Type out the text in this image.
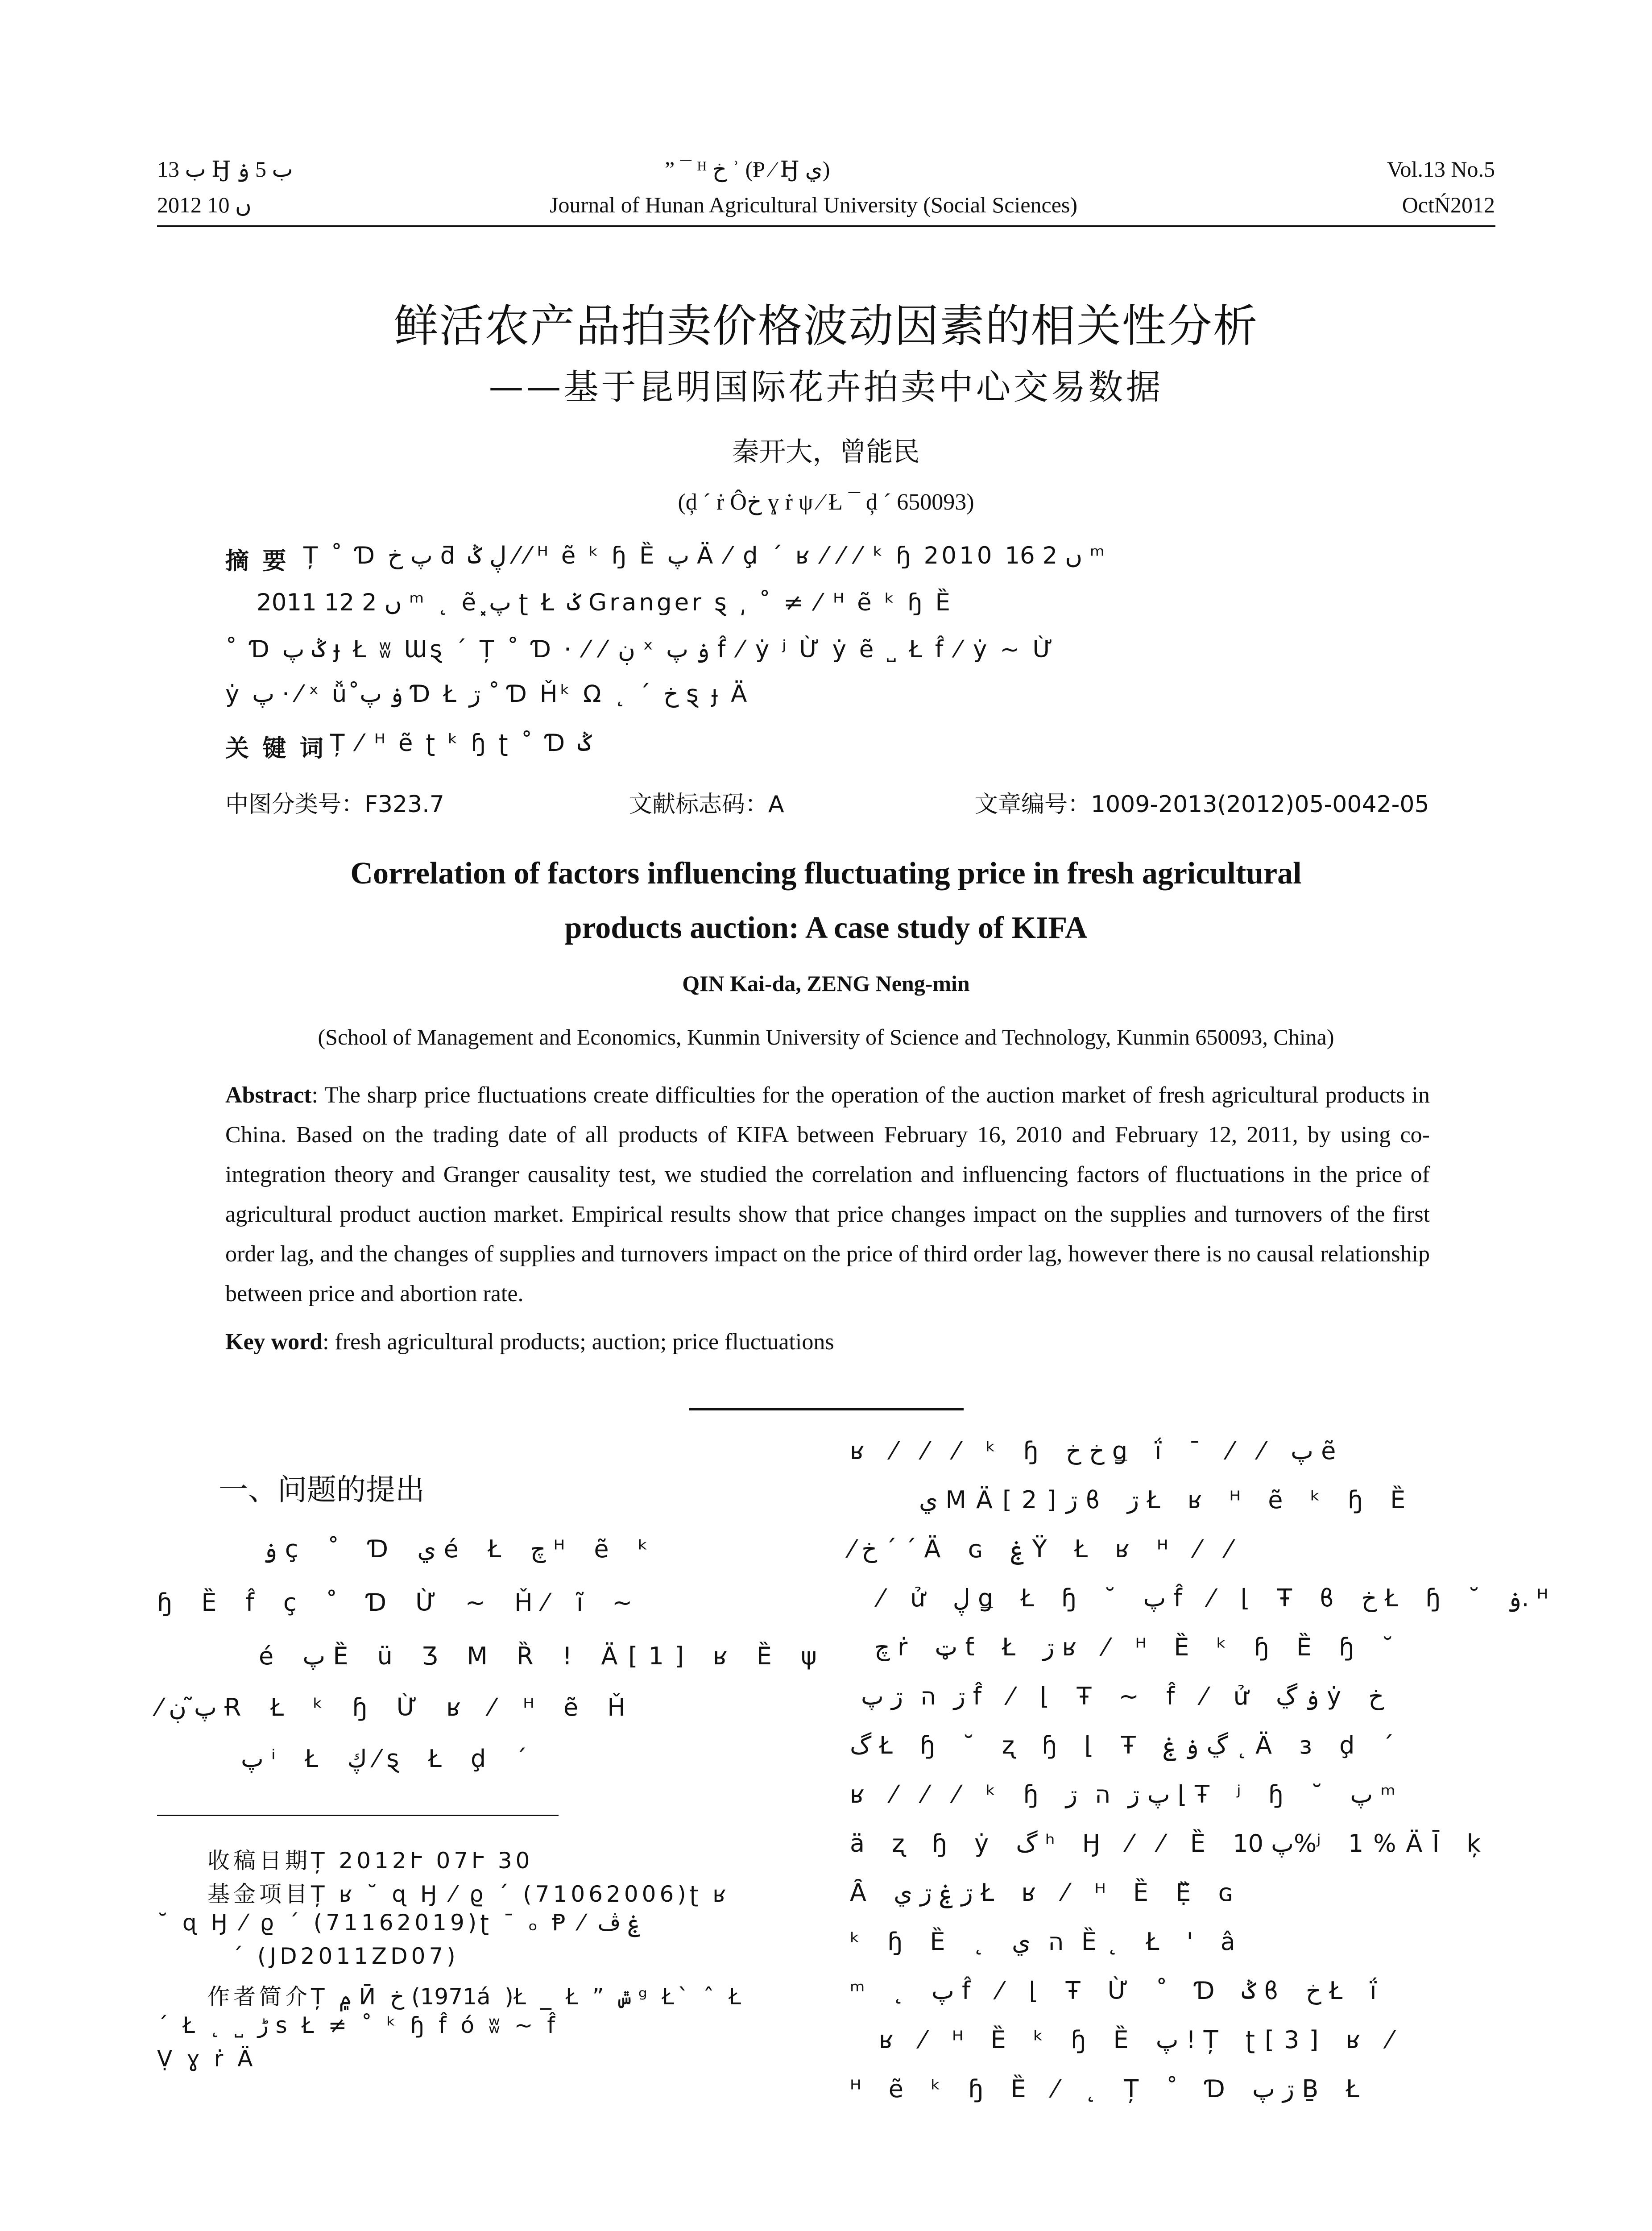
ب 13 Ꜧ ب 5 ۏ
2012 ں 10
” ¯ ᴴ خ ʾ (Ᵽ ⁄ Ꜧ ي)
Journal of Hunan Agricultural University (Social Sciences)
Vol.13 No.5
OctŃ2012
鲜活农产品拍卖价格波动因素的相关性分析
——基于昆明国际花卉拍卖中心交易数据
秦开大，曾能民
(ḑ ´ ṙ Ôخ ɣ ṙ ψ ⁄ Ł ¯ ḑ ´ 650093)
摘 要 Ț ˚ Ɗ پ خ ƌ ڸ ݣ ⁄ ⁄ ᴴ ẽ ᵏ ɧ Ȅ پ Ä ⁄ ḑ ´ ʁ ⁄ ⁄ ⁄ ᵏ ɧ 2010 ں 2 16 ᵐ
2011 ں 2 12 ᵐ ˛ ẽ پ͓ ʈ Ł ݢ Granger ȿ ͵ ˚ ≠ ⁄ ᴴ ẽ ᵏ ɧ Ȅ
˚ Ɗ ݣ پ ɟ Ł ʬ Ɯȿ ´ Ț ˚ Ɗ · ⁄ ⁄ ڹ ˣ ۏ پ f̂ ⁄ ẏ ʲ Ừ ẏ ẽ ˽ Ł f̂ ⁄ ẏ ~ Ừ
ẏ پ · ⁄ ˣ ǚ ۏ پ̊ Ɗ Ł ڗ ˚ Ɗ Ȟᵏ Ω ˛ ´ خ ȿ ɟ Ä
关 键 词 Ț ⁄ ᴴ ẽ ʈ ᵏ ɧ ʈ ˚ Ɗ ݣ
中图分类号：F323.7	文献标志码：A	文章编号：1009-2013(2012)05-0042-05
Correlation of factors influencing fluctuating price in fresh agricultural
products auction: A case study of KIFA
QIN Kai-da, ZENG Neng-min
(School of Management and Economics, Kunmin University of Science and Technology, Kunmin 650093, China)
Abstract: The sharp price fluctuations create difficulties for the operation of the auction market of fresh agricultural products in China. Based on the trading date of all products of KIFA between February 16, 2010 and February 12, 2011, by using co-integration theory and Granger causality test, we studied the correlation and influencing factors of fluctuations in the price of agricultural product auction market. Empirical results show that price changes impact on the supplies and turnovers of the first order lag, and the changes of supplies and turnovers impact on the price of third order lag, however there is no causal relationship between price and abortion rate.
Key word: fresh agricultural products; auction; price fluctuations
一、问题的提出
ۏ ç ˚ Ɗ ي é Ł چ ᴴ ẽ ᵏ
ɧ Ȅ f̂ ç ˚ Ɗ Ừ ~ Ȟ⁄ ĩ ~
é پ Ȅ ü Ʒ M Ȑ ! Ä[1] ʁ Ȅ ψ
⁄ پ̃ ڹ Ɍ Ł ᵏ ɧ Ừ ʁ ⁄ ᴴ ẽ Ȟ
پ ⁱ Ł ڮ ⁄ ȿ Ł ḑ ´
收稿日期Ț 2012Ւ 07Ւ 30
基金项目Ț ʁ ˘ ɋ Ꜧ ⁄ ϱ ´ (71062006)ʈ ʁ
˘ ɋ Ꜧ ⁄ ϱ ´ (71162019)ʈ ¯ ₒ Ᵽ ⁄ ۼ ڤ
´ (JD2011ZD07)
作者简介Ț ۾ Ӣ خ (1971á )Ł _ Ł ” ݜ ᵍ Ł` ˆ Ł
´ Ł ˛ ˽ ڑ s Ł ≠ ˚ ᵏ ɧ f̂ ó ʬ ~ f̂
Ṿ ɣ ṙ Ä
ʁ ⁄ ⁄ ⁄ ᵏ ɧ خ خ ǥ ḯ ¯ ⁄ ⁄ پ ẽ
ي MÄ[2]ڗ ϐ ڗ Ł ʁ ᴴ ẽ ᵏ ɧ Ȅ
⁄ خ ´ ´ Ä ɢ ۼ Ÿ Ł ʁ ᴴ ⁄ ⁄
⁄ ử ڸ ǥ Ł ɧ ˘ پ f̂ ⁄ ⌊ Ŧ ϐ خ Ł ɧ ˘ ۏ. ᴴ
چ ṙ ټ ƭ Ł ڗ ʁ ⁄ ᴴ Ȅ ᵏ ɧ Ȅ ɧ ˘
ڗ ה ڗ پ f̂ ⁄ ⌊ Ŧ ~ f̂ ⁄ ử ۏ ڲ ẏ خ
گ Ł ɧ ˘ ʐ ɧ ⌊ Ŧ ڲ ۏ ۼ ˛ Ä ɜ ḑ ´
ʁ ⁄ ⁄ ⁄ ᵏ ɧ پ ڗ ה ڗ ⌊ Ŧ ʲ ɧ ˘ پ ᵐ
ä ʐ ɧ ẏ گ ʰ Ꜧ ⁄ ⁄ Ȅ پ 10%ʲ 1%ÄĪ ķ
Ȃ ڗ ۼ ڗ ي Ł ʁ ⁄ ᴴ Ȅ Ẹ̏ ɢ
ᵏ ɧ Ȅ ˛ ה ي Ȅ˛ Ł ' â
ᵐ ˛ پ f̂ ⁄ ⌊ Ŧ Ừ ˚ Ɗ ݣ ϐ خ Ł ḯ
ʁ ⁄ ᴴ Ȅ ᵏ ɧ Ȅ پ ! Ț ʈ[3] ʁ ⁄
ᴴ ẽ ᵏ ɧ Ȅ ⁄ ˛ Ț ˚ Ɗ ڗ پ Ḇ Ł
